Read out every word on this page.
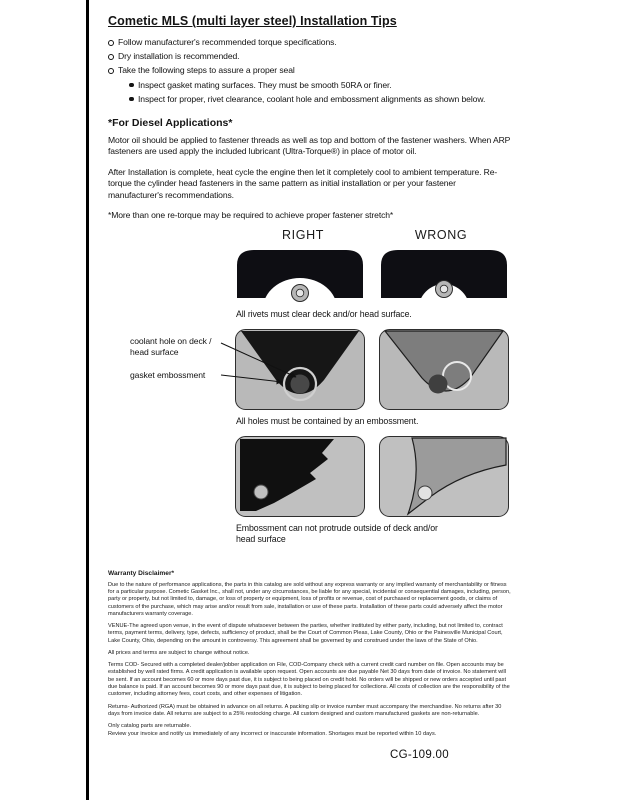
Cometic MLS (multi layer steel) Installation Tips
Follow manufacturer's recommended torque specifications.
Dry installation is recommended.
Take the following steps to assure a proper seal
Inspect gasket mating surfaces. They must be smooth 50RA or finer.
Inspect for proper, rivet clearance, coolant hole and embossment alignments as shown below.
*For Diesel Applications*

Motor oil should be applied to fastener threads as well as top and bottom of the fastener washers. When ARP fasteners are used apply the included lubricant (Ultra-Torque®) in place of motor oil.

After Installation is complete, heat cycle the engine then let it completely cool to ambient temperature. Re-torque the cylinder head fasteners in the same pattern as initial installation or per your fastener manufacturer's recommendations.

*More than one re-torque may be required to achieve proper fastener stretch*

RIGHT	WRONG
All rivets must clear deck and/or head surface.
coolant hole on deck / head surface
gasket embossment
All holes must be contained by an embossment.
Embossment can not protrude outside of deck and/or head surface
Warranty Disclaimer*

Due to the nature of performance applications, the parts in this catalog are sold without any express warranty or any implied warranty of merchantability or fitness for a particular purpose. Cometic Gasket Inc., shall not, under any circumstances, be liable for any special, incidental or consequential damages, including, person, party or property, but not limited to, damage, or loss of property or equipment, loss of profits or revenue, cost of purchased or replacement goods, or claims of customers of the purchase, which may arise and/or result from sale, installation or use of these parts. Installation of these parts could adversely affect the motor manufacturers warranty coverage.

VENUE-The agreed upon venue, in the event of dispute whatsoever between the parties, whether instituted by either party, including, but not limited to, contract terms, payment terms, delivery, type, defects, sufficiency of product, shall be the Court of Common Pleas, Lake County, Ohio or the Painesville Municipal Court, Lake County, Ohio, depending on the amount in controversy. This agreement shall be governed by and construed under the laws of the State of Ohio.

All prices and terms are subject to change without notice.

Terms COD- Secured with a completed dealer/jobber application on File, COD-Company check with a current credit card number on file. Open accounts may be established by well rated firms. A credit application is available upon request. Open accounts are due payable Net 30 days from date of invoice. No statement will be sent. If an account becomes 60 or more days past due, it is subject to being placed on credit hold. No orders will be shipped or new orders accepted until past due balance is paid. If an account becomes 90 or more days past due, it is subject to being placed for collections. All costs of collection are the responsibility of the customer, including attorney fees, court costs, and other expenses of litigation.

Returns- Authorized (RGA) must be obtained in advance on all returns. A packing slip or invoice number must accompany the merchandise. No returns after 30 days from invoice date. All returns are subject to a 25% restocking charge. All custom designed and custom manufactured gaskets are non-returnable.

Only catalog parts are returnable.

Review your invoice and notify us immediately of any incorrect or inaccurate information. Shortages must be reported within 10 days.

CG-109.00
